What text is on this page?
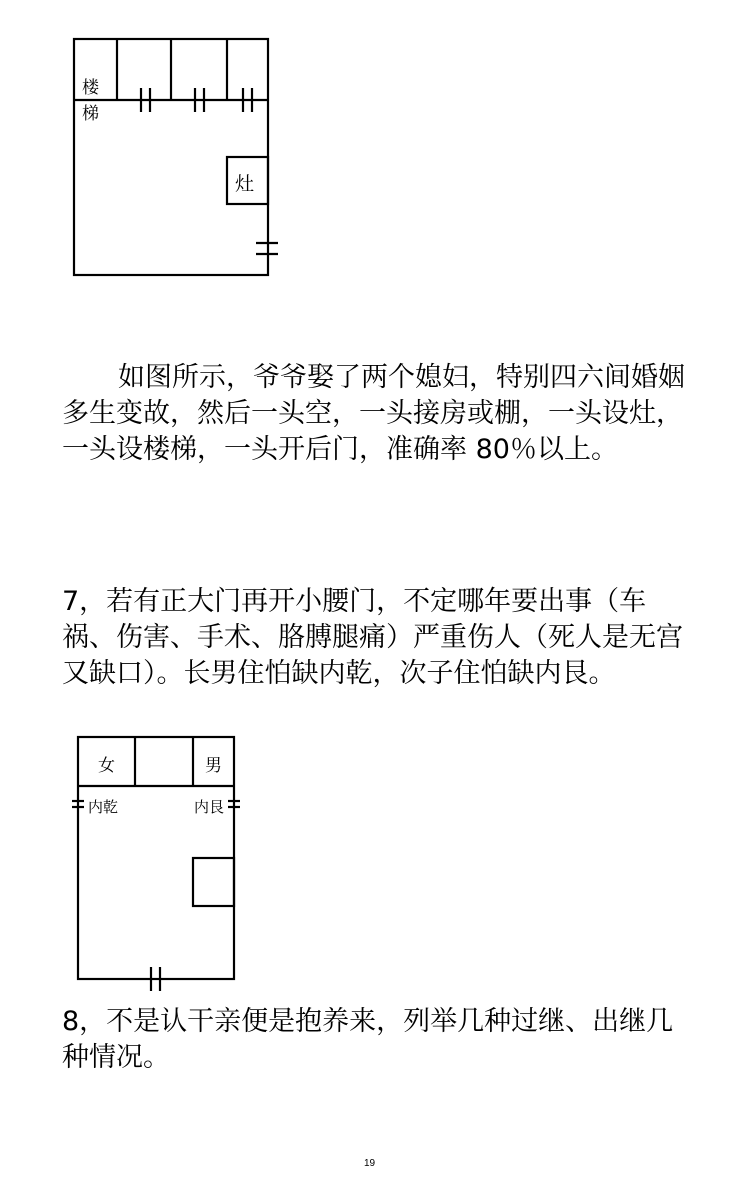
楼
梯
灶
如图所示，爷爷娶了两个媳妇，特别四六间婚姻多生变故，然后一头空，一头接房或棚，一头设灶，一头设楼梯，一头开后门，准确率 80％以上。
7，若有正大门再开小腰门，不定哪年要出事（车祸、伤害、手术、胳膊腿痛）严重伤人（死人是无宫又缺口）。长男住怕缺内乾，次子住怕缺内艮。
女	男
内乾	内艮
8，不是认干亲便是抱养来，列举几种过继、出继几种情况。
19
